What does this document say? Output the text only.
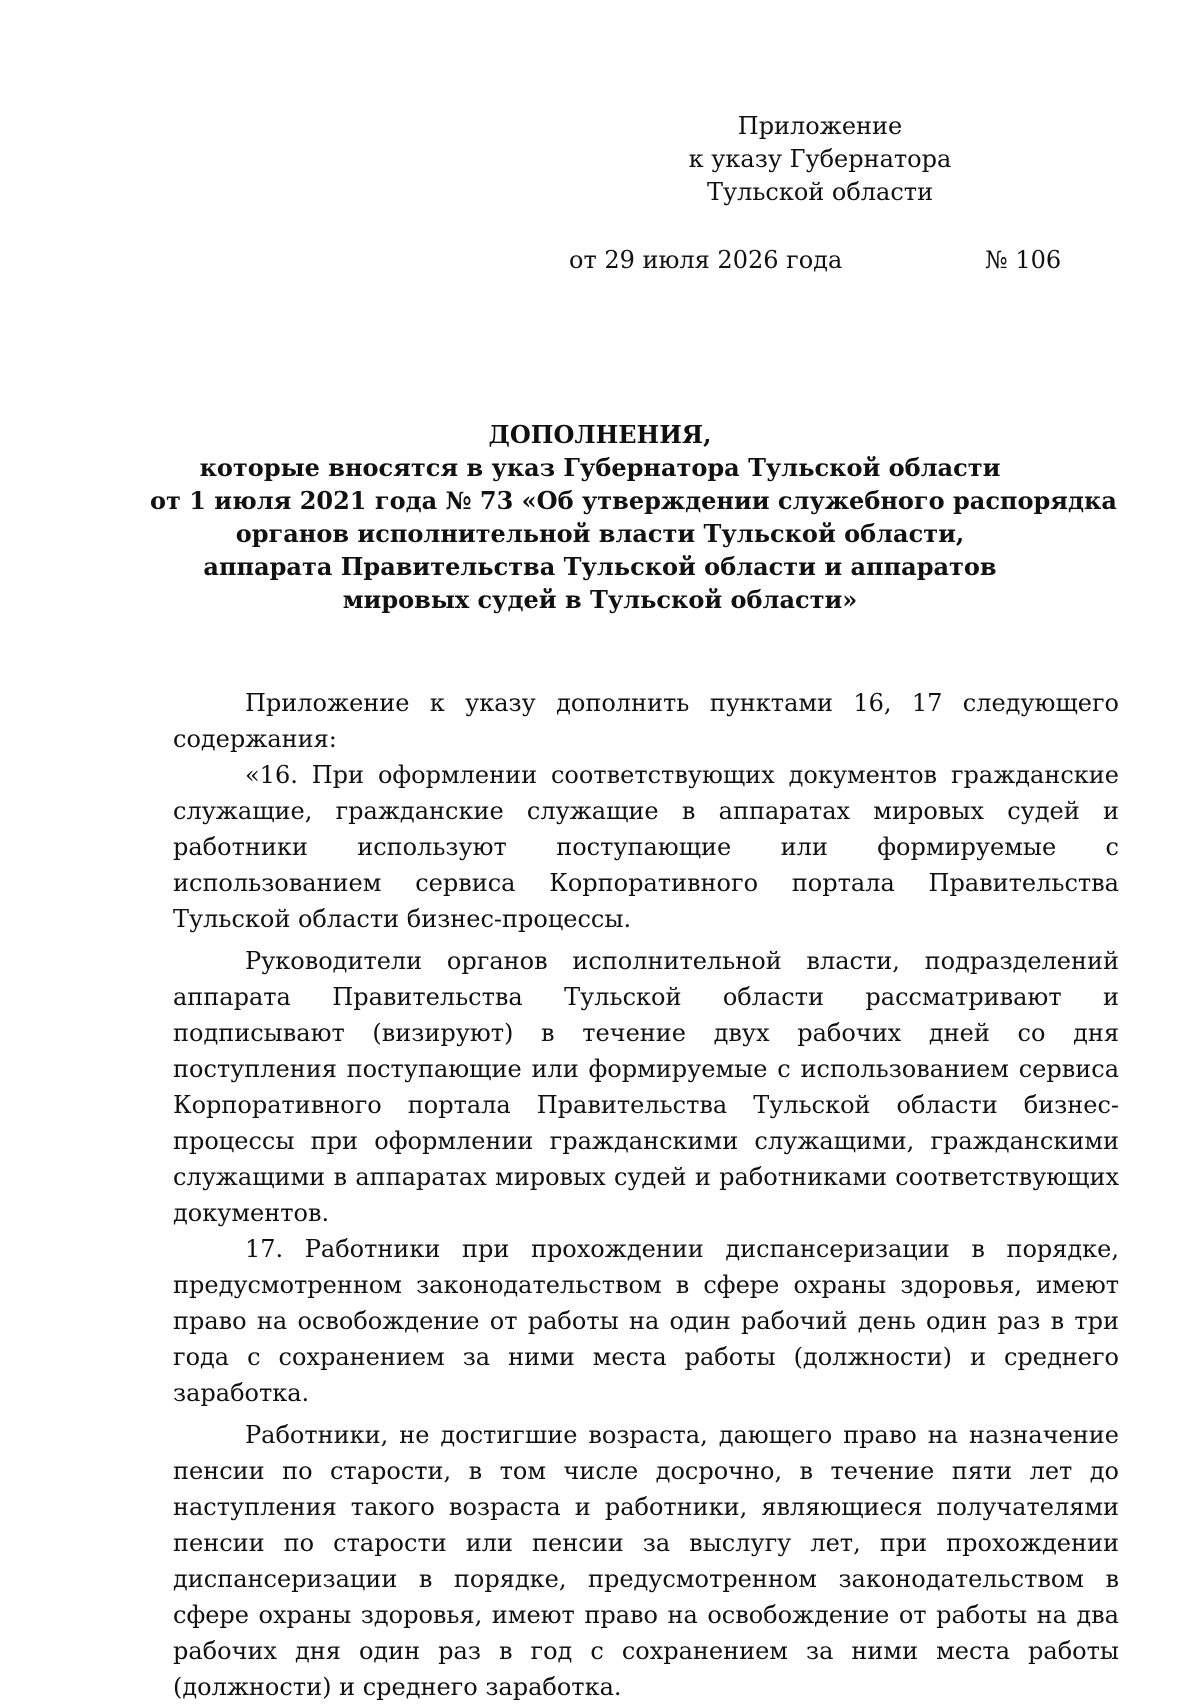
Приложение
к указу Губернатора
Тульской области
от 29 июля 2026 года	№ 106
ДОПОЛНЕНИЯ,
которые вносятся в указ Губернатора Тульской области
от 1 июля 2021 года № 73 «Об утверждении служебного распорядка
органов исполнительной власти Тульской области,
аппарата Правительства Тульской области и аппаратов
мировых судей в Тульской области»

Приложение к указу дополнить пунктами 16, 17 следующего содержания:

«16. При оформлении соответствующих документов гражданские служащие, гражданские служащие в аппаратах мировых судей и работники используют поступающие или формируемые с использованием сервиса Корпоративного портала Правительства Тульской области бизнес-процессы.

Руководители органов исполнительной власти, подразделений аппарата Правительства Тульской области рассматривают и подписывают (визируют) в течение двух рабочих дней со дня поступления поступающие или формируемые с использованием сервиса Корпоративного портала Правительства Тульской области бизнес-процессы при оформлении гражданскими служащими, гражданскими служащими в аппаратах мировых судей и работниками соответствующих документов.

17. Работники при прохождении диспансеризации в порядке, предусмотренном законодательством в сфере охраны здоровья, имеют право на освобождение от работы на один рабочий день один раз в три года с сохранением за ними места работы (должности) и среднего заработка.

Работники, не достигшие возраста, дающего право на назначение пенсии по старости, в том числе досрочно, в течение пяти лет до наступления такого возраста и работники, являющиеся получателями пенсии по старости или пенсии за выслугу лет, при прохождении диспансеризации в порядке, предусмотренном законодательством в сфере охраны здоровья, имеют право на освобождение от работы на два рабочих дня один раз в год с сохранением за ними места работы (должности) и среднего заработка.
